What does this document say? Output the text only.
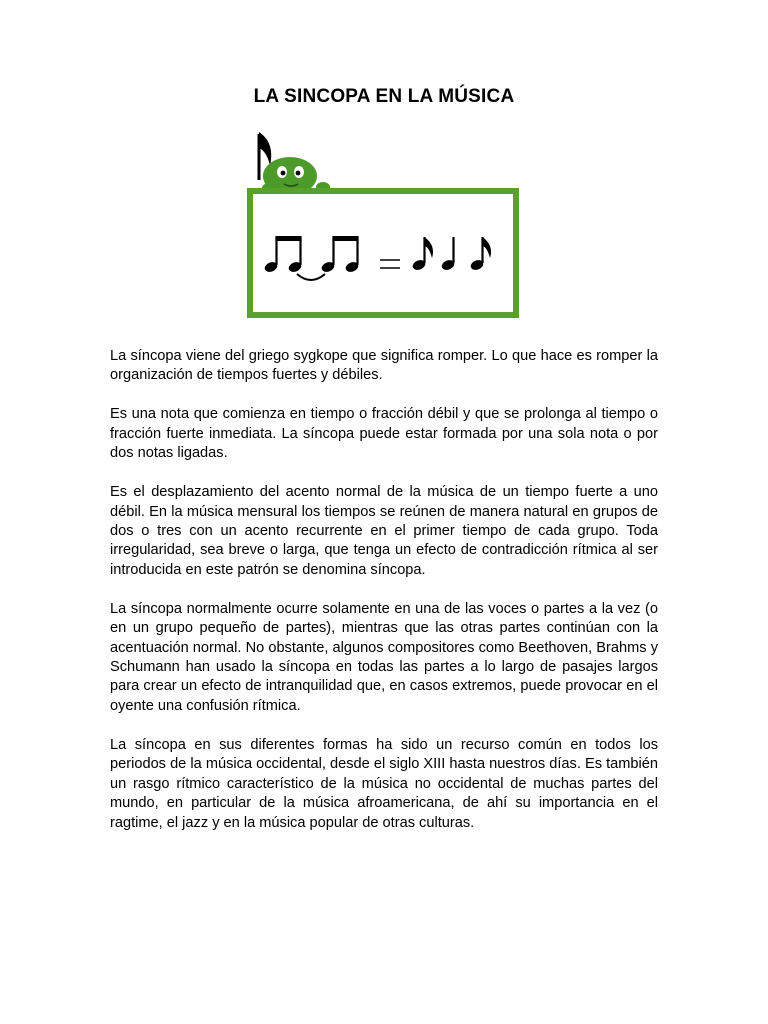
LA SINCOPA EN LA MÚSICA

La síncopa viene del griego sygkope que significa romper. Lo que hace es romper la organización de tiempos fuertes y débiles.

Es una nota que comienza en tiempo o fracción débil y que se prolonga al tiempo o fracción fuerte inmediata. La síncopa puede estar formada por una sola nota o por dos notas ligadas.

Es el desplazamiento del acento normal de la música de un tiempo fuerte a uno débil. En la música mensural los tiempos se reúnen de manera natural en grupos de dos o tres con un acento recurrente en el primer tiempo de cada grupo. Toda irregularidad, sea breve o larga, que tenga un efecto de contradicción rítmica al ser introducida en este patrón se denomina síncopa.

La síncopa normalmente ocurre solamente en una de las voces o partes a la vez (o en un grupo pequeño de partes), mientras que las otras partes continúan con la acentuación normal. No obstante, algunos compositores como Beethoven, Brahms y Schumann han usado la síncopa en todas las partes a lo largo de pasajes largos para crear un efecto de intranquilidad que, en casos extremos, puede provocar en el oyente una confusión rítmica.

La síncopa en sus diferentes formas ha sido un recurso común en todos los periodos de la música occidental, desde el siglo XIII hasta nuestros días. Es también un rasgo rítmico característico de la música no occidental de muchas partes del mundo, en particular de la música afroamericana, de ahí su importancia en el ragtime, el jazz y en la música popular de otras culturas.
